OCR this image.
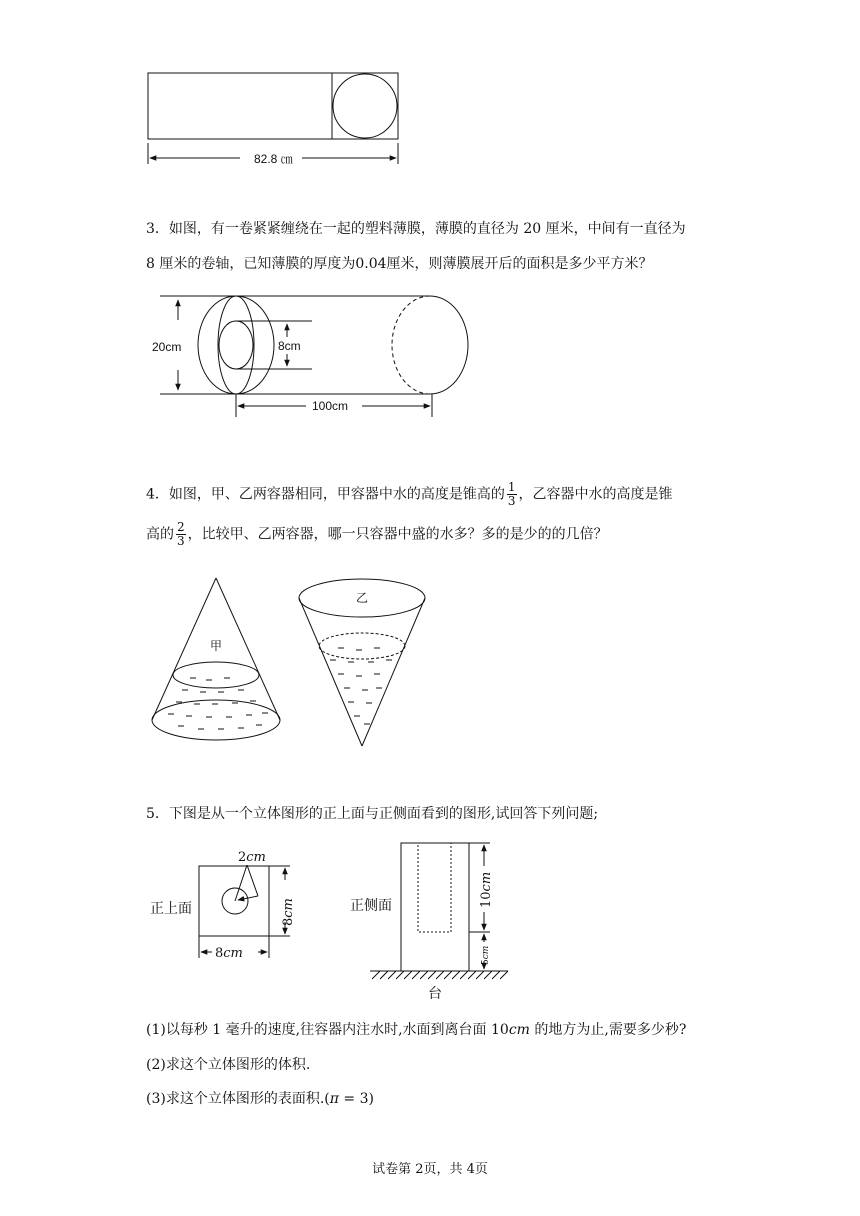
82.8 ㎝
20cm	8cm
100cm
甲
乙
正上面
2cm
8cm
8cm	正侧面	10cm
5cm
台
3．如图，有一卷紧紧缠绕在一起的塑料薄膜，薄膜的直径为 20 厘米，中间有一直径为
8 厘米的卷轴，已知薄膜的厚度为0.04厘米，则薄膜展开后的面积是多少平方米？
4．如图，甲、乙两容器相同，甲容器中水的高度是锥高的 $\frac{1}{3}$ ，乙容器中水的高度是锥
高的 $\frac{2}{3}$ ，比较甲、乙两容器，哪一只容器中盛的水多？多的是少的的几倍？
5．下图是从一个立体图形的正上面与正侧面看到的图形,试回答下列问题;
(1)以每秒 1 毫升的速度,往容器内注水时,水面到离台面 10cm 的地方为止,需要多少秒?
(2)求这个立体图形的体积.
(3)求这个立体图形的表面积.(π = 3)
试卷第 2页，共 4页
